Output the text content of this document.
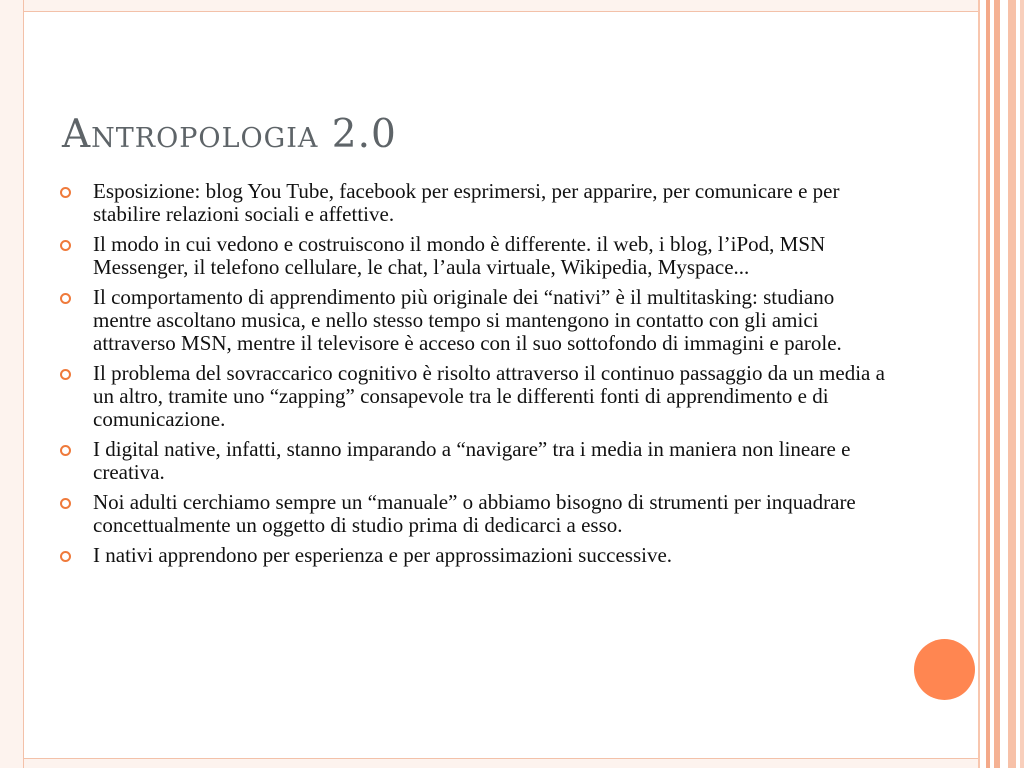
Antropologia 2.0
Esposizione: blog You Tube, facebook per esprimersi, per apparire, per comunicare e per stabilire relazioni sociali e affettive.
Il modo in cui vedono e costruiscono il mondo è differente. il web, i blog, l’iPod, MSN Messenger, il telefono cellulare, le chat, l’aula virtuale, Wikipedia, Myspace...
Il comportamento di apprendimento più originale dei “nativi” è il multitasking: studiano mentre ascoltano musica, e nello stesso tempo si mantengono in contatto con gli amici attraverso MSN, mentre il televisore è acceso con il suo sottofondo di immagini e parole.
Il problema del sovraccarico cognitivo è risolto attraverso il continuo passaggio da un media a un altro, tramite uno “zapping” consapevole tra le differenti fonti di apprendimento e di comunicazione.
I digital native, infatti, stanno imparando a “navigare” tra i media in maniera non lineare e creativa.
Noi adulti cerchiamo sempre un “manuale” o abbiamo bisogno di strumenti per inquadrare concettualmente un oggetto di studio prima di dedicarci a esso.
I nativi apprendono per esperienza e per approssimazioni successive.
